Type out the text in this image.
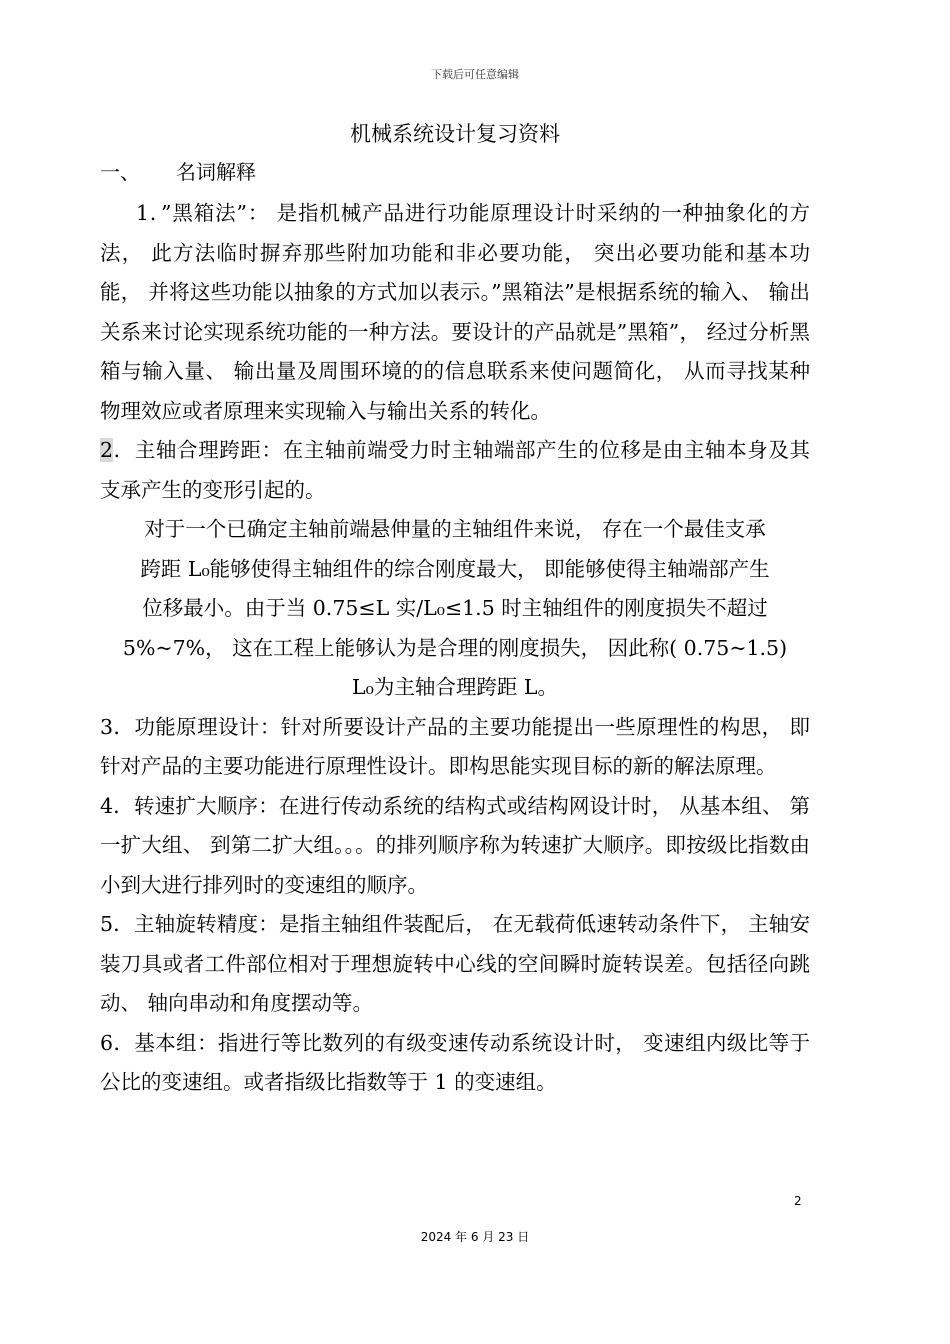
下载后可任意编辑
机械系统设计复习资料
一、 名词解释

1．”黑箱法”： 是指机械产品进行功能原理设计时采纳的一种抽象化的方法， 此方法临时摒弃那些附加功能和非必要功能， 突出必要功能和基本功能， 并将这些功能以抽象的方式加以表示。”黑箱法”是根据系统的输入、 输出关系来讨论实现系统功能的一种方法。要设计的产品就是”黑箱”， 经过分析黑箱与输入量、 输出量及周围环境的的信息联系来使问题简化， 从而寻找某种物理效应或者原理来实现输入与输出关系的转化。

2．主轴合理跨距：在主轴前端受力时主轴端部产生的位移是由主轴本身及其支承产生的变形引起的。

对于一个已确定主轴前端悬伸量的主轴组件来说， 存在一个最佳支承

跨距 L₀能够使得主轴组件的综合刚度最大， 即能够使得主轴端部产生

位移最小。由于当 0.75≤L 实/L₀≤1.5 时主轴组件的刚度损失不超过

5%~7%， 这在工程上能够认为是合理的刚度损失， 因此称( 0.75~1.5)

L₀为主轴合理跨距 L。

3．功能原理设计：针对所要设计产品的主要功能提出一些原理性的构思， 即针对产品的主要功能进行原理性设计。即构思能实现目标的新的解法原理。

4．转速扩大顺序：在进行传动系统的结构式或结构网设计时， 从基本组、 第一扩大组、 到第二扩大组。。。的排列顺序称为转速扩大顺序。即按级比指数由小到大进行排列时的变速组的顺序。

5．主轴旋转精度：是指主轴组件装配后， 在无载荷低速转动条件下， 主轴安装刀具或者工件部位相对于理想旋转中心线的空间瞬时旋转误差。包括径向跳动、 轴向串动和角度摆动等。

6．基本组：指进行等比数列的有级变速传动系统设计时， 变速组内级比等于公比的变速组。或者指级比指数等于 1 的变速组。

2
2024 年 6 月 23 日
